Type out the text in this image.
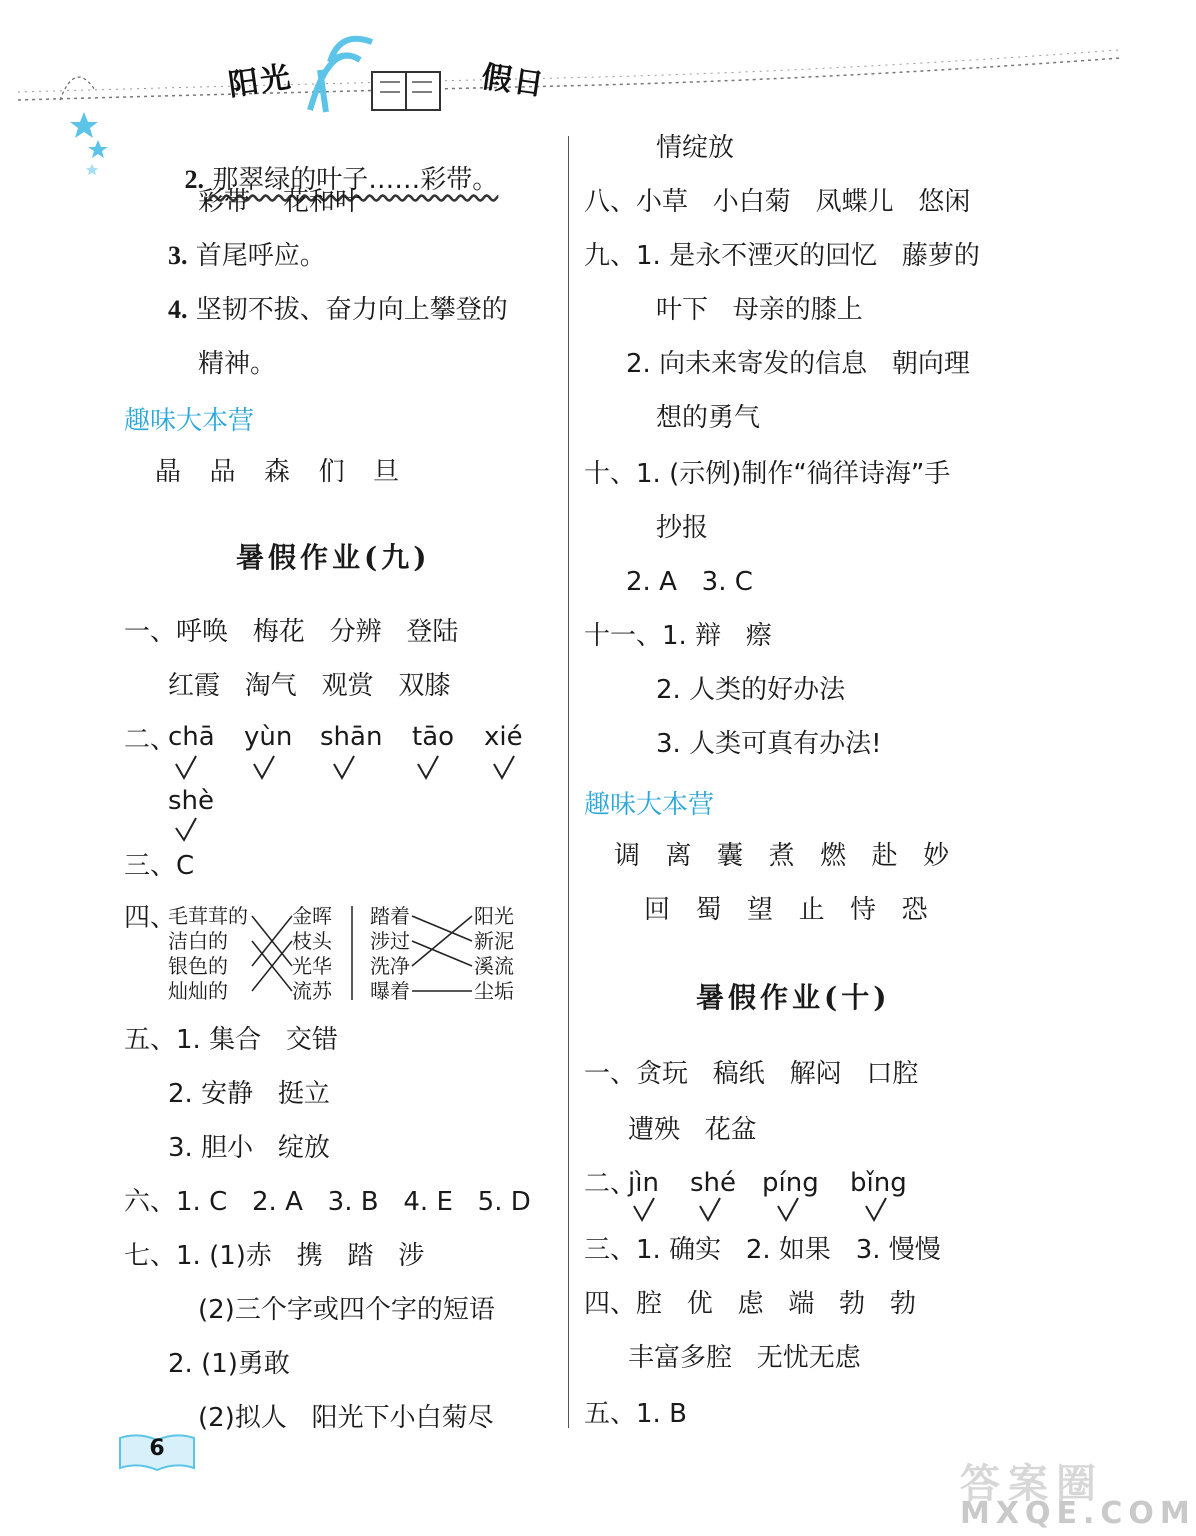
阳光	假日

2. 那翠绿的叶子……彩带。

彩带    花和叶
3. 首尾呼应。
4. 坚韧不拔、奋力向上攀登的
精神。
趣味大本营
晶  品  森  们  旦
暑假作业(九)
一、呼唤   梅花   分辨   登陆
红霞   淘气   观赏   双膝
二、
chā yùn shān tāo xié
shè
三、C
四、
毛茸茸的
洁白的
银色的
灿灿的
金晖
枝头
光华
流苏
踏着
涉过
洗净
曝着
阳光
新泥
溪流
尘垢
五、1. 集合   交错
2. 安静   挺立
3. 胆小   绽放
六、1. C   2. A   3. B   4. E   5. D
七、1. (1)赤   携   踏   涉
(2)三个字或四个字的短语
2. (1)勇敢
(2)拟人   阳光下小白菊尽
情绽放
八、小草   小白菊   凤蝶儿   悠闲
九、1. 是永不湮灭的回忆   藤萝的
叶下   母亲的膝上
2. 向未来寄发的信息   朝向理
想的勇气
十、1. (示例)制作“徜徉诗海”手
抄报
2. A   3. C
十一、1. 辩   瘵
2. 人类的好办法
3. 人类可真有办法!
趣味大本营
调  离  囊  煮  燃  赴  妙
回  蜀  望  止  恃  恐
暑假作业(十)
一、贪玩   稿纸   解闷   口腔
遭殃   花盆
二、
jìn shé píng bǐng
三、1. 确实   2. 如果   3. 慢慢
四、腔   优   虑   端   勃   勃
丰富多腔   无忧无虑
五、1. B
6
答案圈
MXQE.COM
